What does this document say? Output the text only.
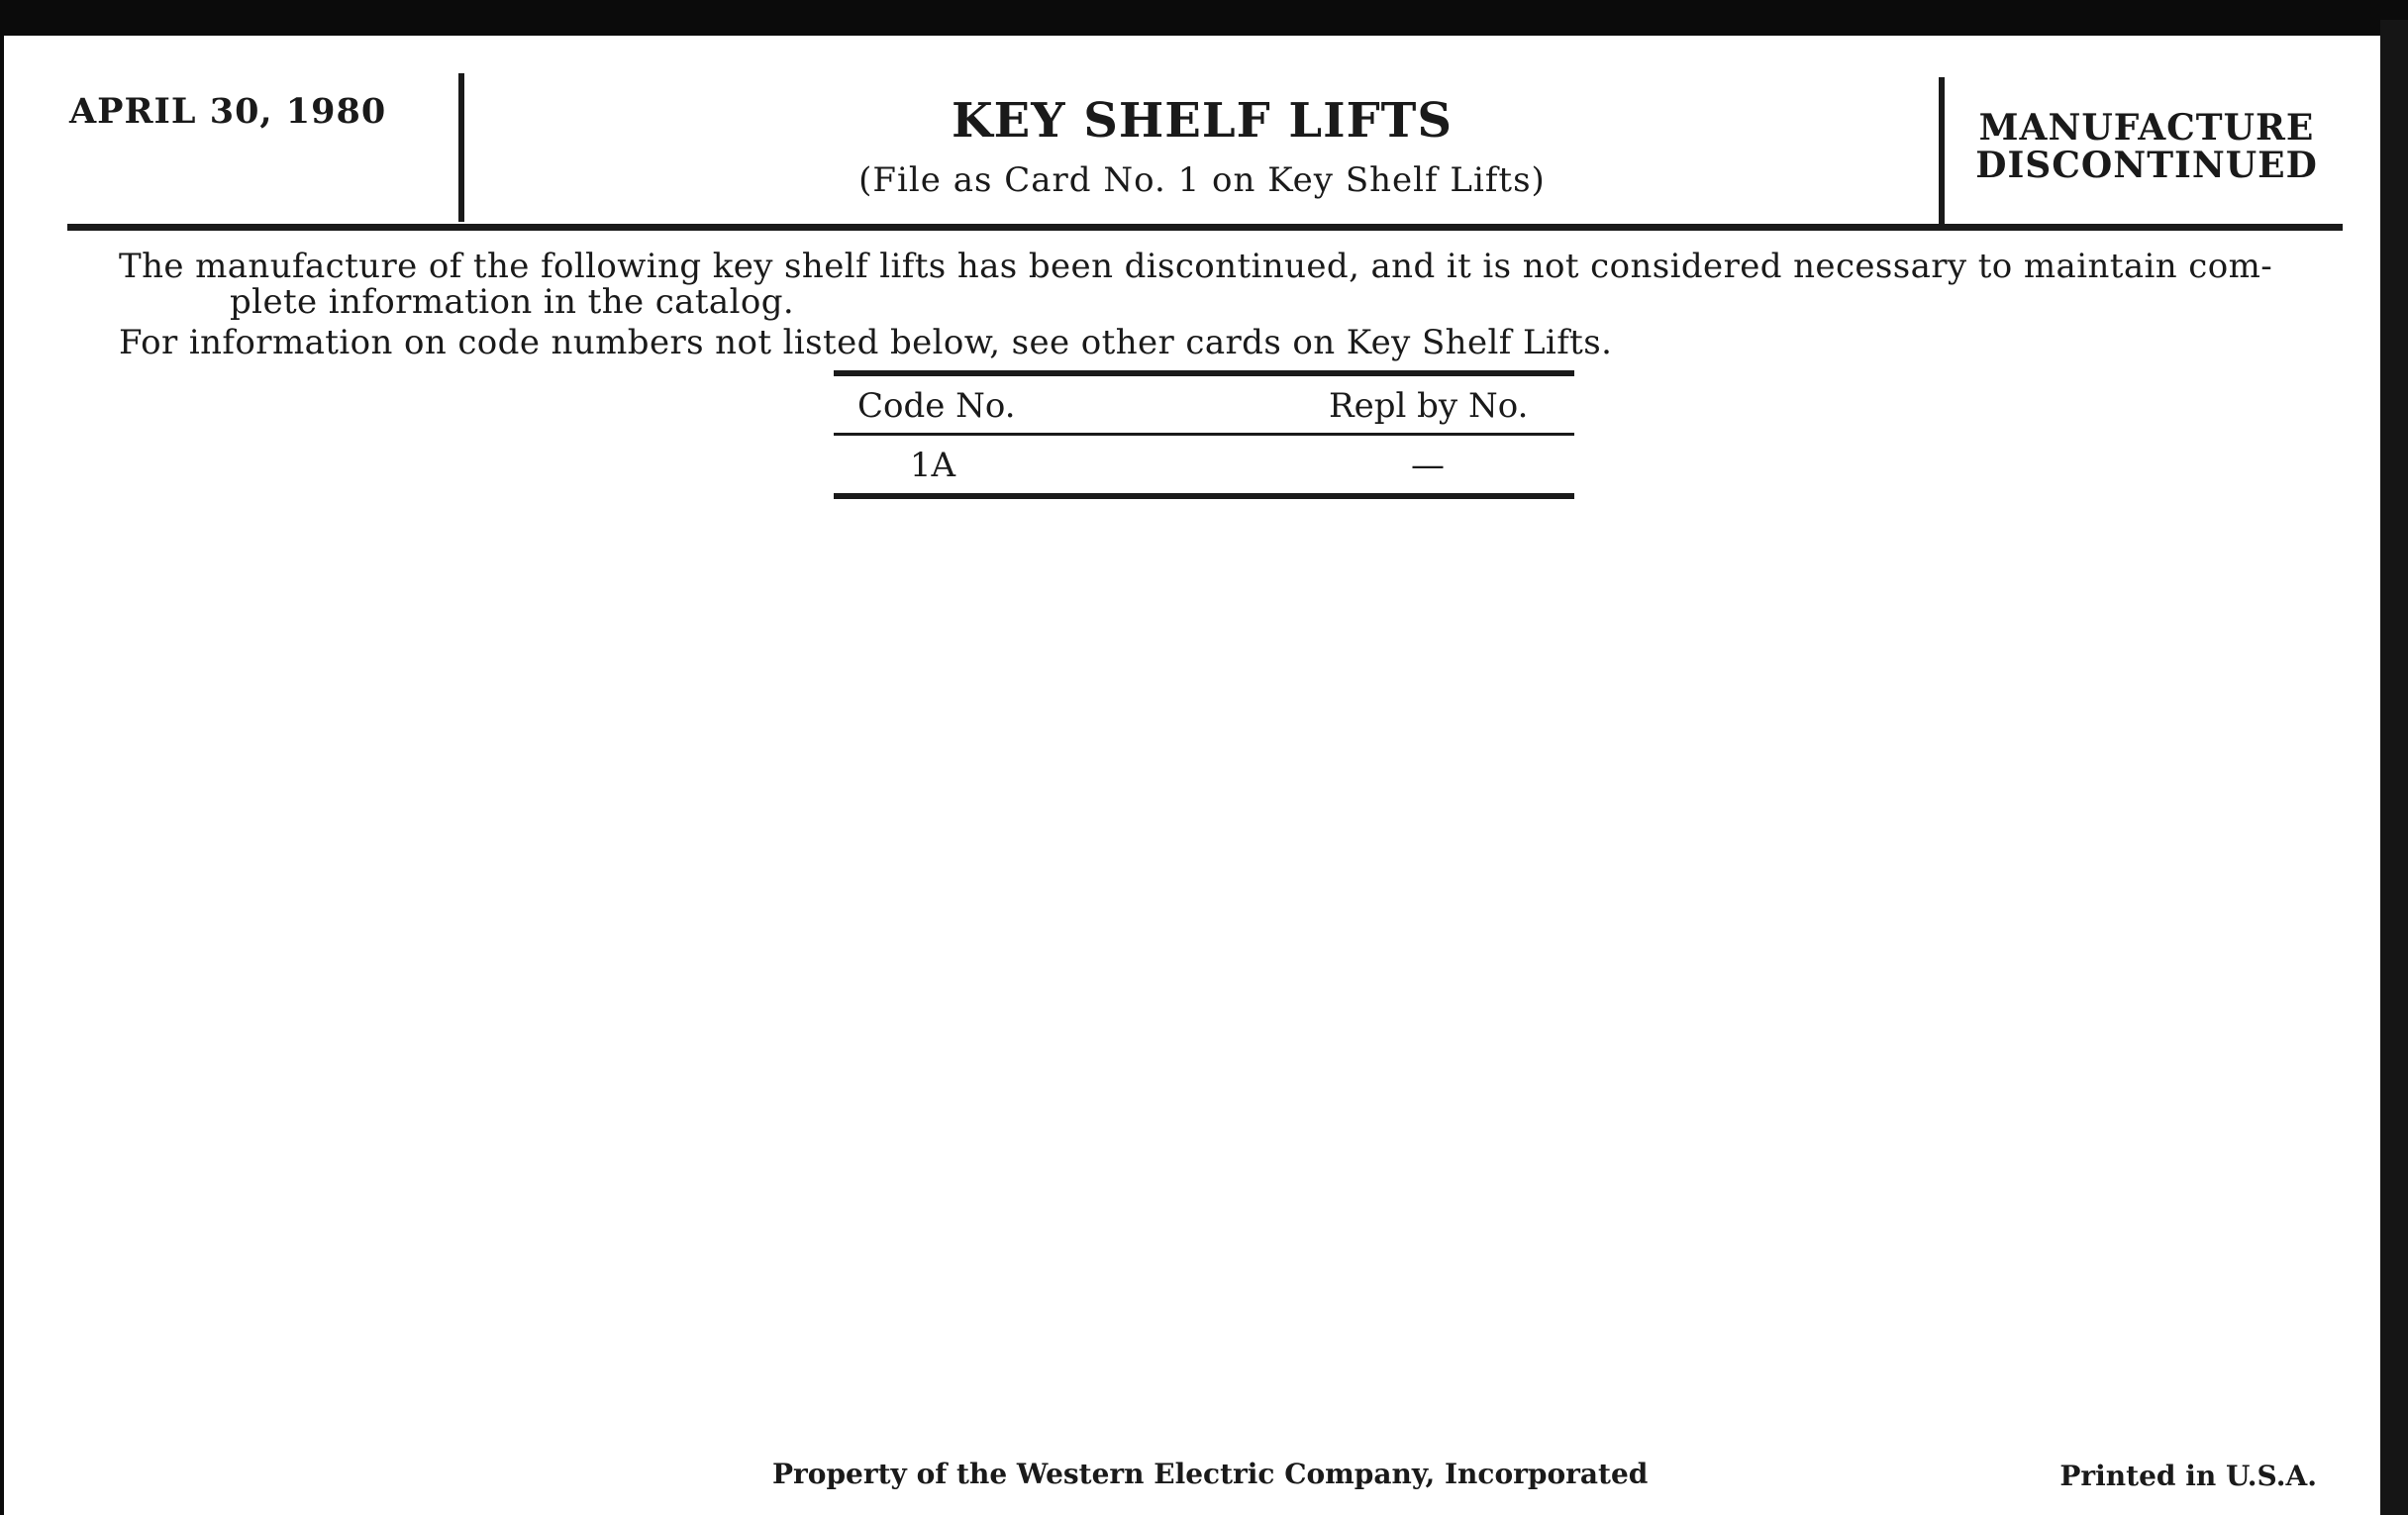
APRIL 30, 1980	KEY SHELF LIFTS
(File as Card No. 1 on Key Shelf Lifts)
MANUFACTURE
DISCONTINUED
The manufacture of the following key shelf lifts has been discontinued, and it is not considered necessary to maintain com-
plete information in the catalog.
For information on code numbers not listed below, see other cards on Key Shelf Lifts.
Code No.	Repl by No.
1A	—
Property of the Western Electric Company, Incorporated	Printed in U.S.A.
